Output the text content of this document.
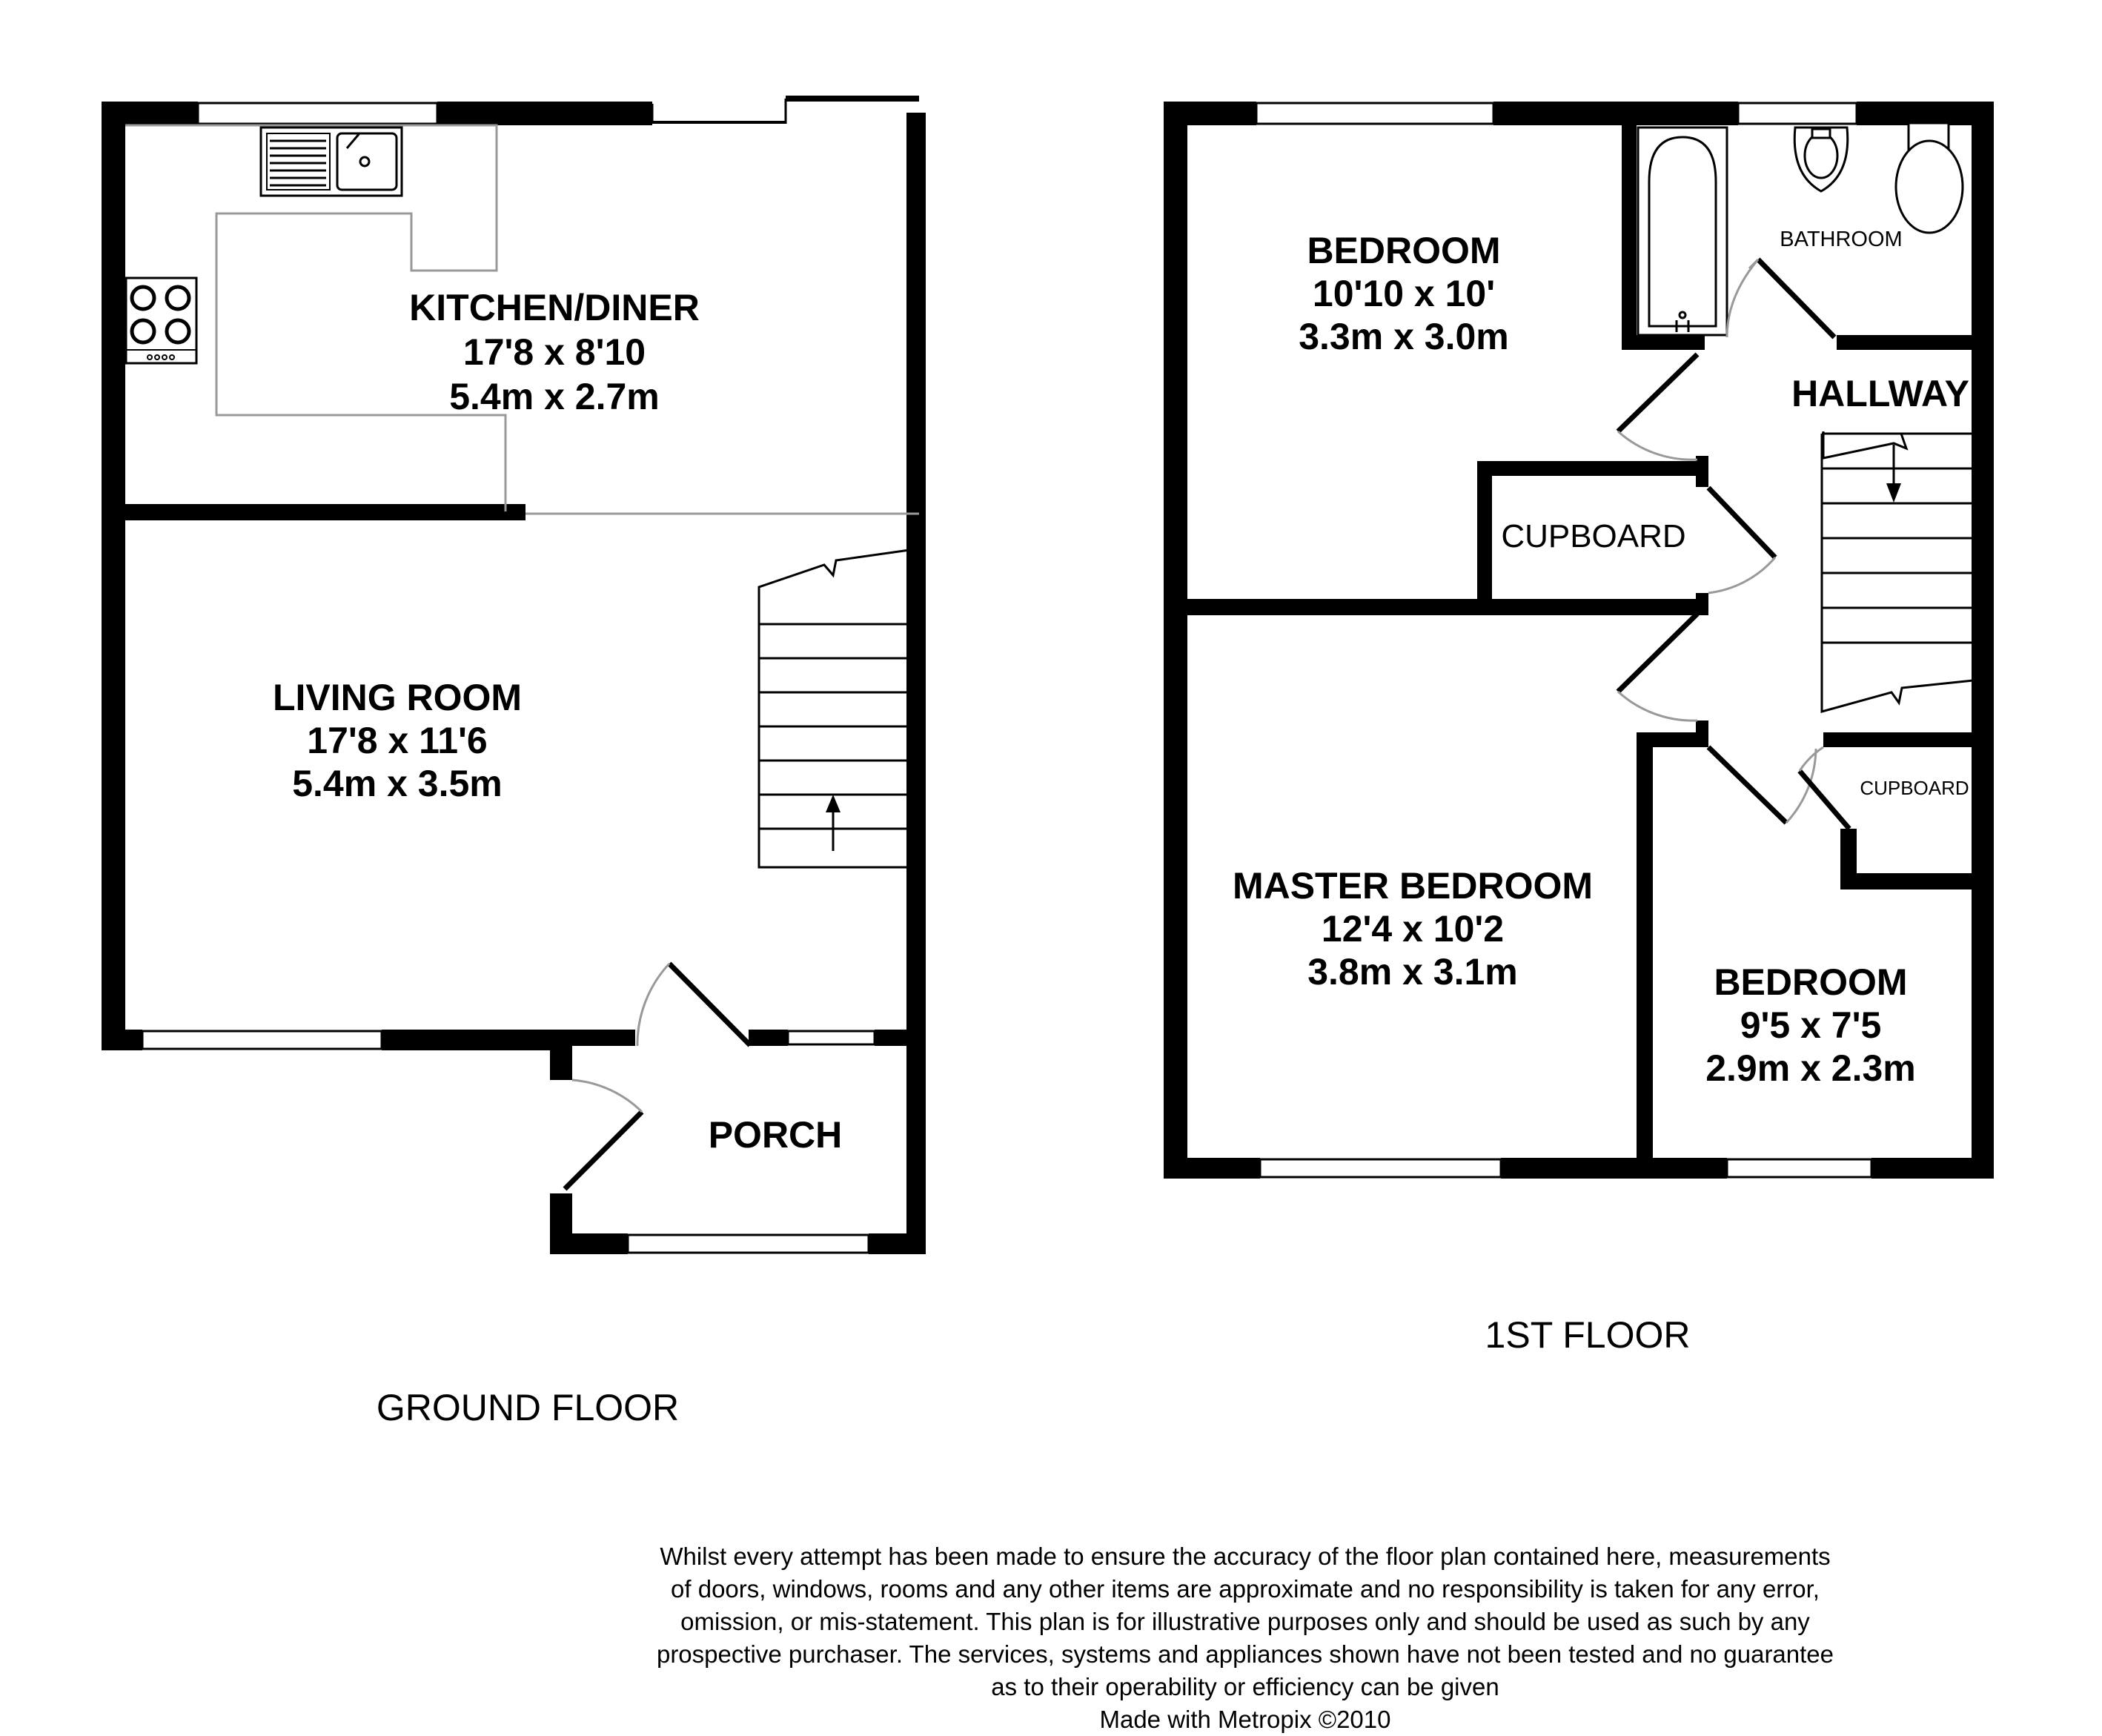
KITCHEN/DINER
17'8 x 8'10
5.4m x 2.7m
LIVING ROOM
17'8 x 11'6
5.4m x 3.5m
PORCH
GROUND FLOOR
BEDROOM
10'10 x 10'
3.3m x 3.0m
BATHROOM
HALLWAY
CUPBOARD
CUPBOARD
MASTER BEDROOM
12'4 x 10'2
3.8m x 3.1m	BEDROOM
9'5 x 7'5
2.9m x 2.3m
1ST FLOOR
Whilst every attempt has been made to ensure the accuracy of the floor plan contained here, measurements
of doors, windows, rooms and any other items are approximate and no responsibility is taken for any error,
omission, or mis-statement. This plan is for illustrative purposes only and should be used as such by any
prospective purchaser. The services, systems and appliances shown have not been tested and no guarantee
as to their operability or efficiency can be given
Made with Metropix ©2010
